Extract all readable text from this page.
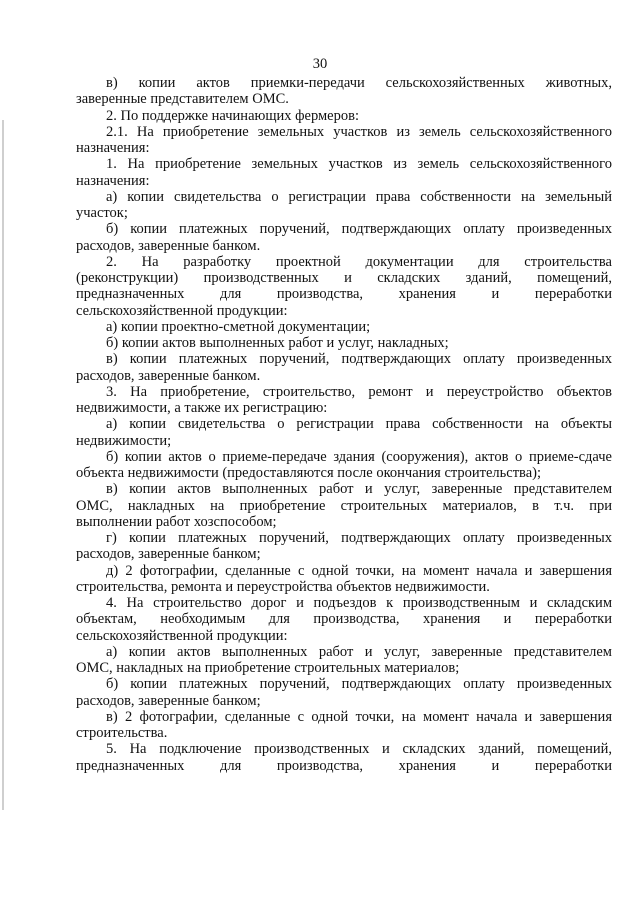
30

в) копии актов приемки-передачи сельскохозяйственных животных,
заверенные представителем ОМС.
2. По поддержке начинающих фермеров:
2.1. На приобретение земельных участков из земель сельскохозяйственного
назначения:
1. На приобретение земельных участков из земель сельскохозяйственного
назначения:
а) копии свидетельства о регистрации права собственности на земельный
участок;
б) копии платежных поручений, подтверждающих оплату произведенных
расходов, заверенные банком.
2. На разработку проектной документации для строительства
(реконструкции) производственных и складских зданий, помещений,
предназначенных для производства, хранения и переработки
сельскохозяйственной продукции:
а) копии проектно-сметной документации;
б) копии актов выполненных работ и услуг, накладных;
в) копии платежных поручений, подтверждающих оплату произведенных
расходов, заверенные банком.
3. На приобретение, строительство, ремонт и переустройство объектов
недвижимости, а также их регистрацию:
а) копии свидетельства о регистрации права собственности на объекты
недвижимости;
б) копии актов о приеме-передаче здания (сооружения), актов о приеме-сдаче
объекта недвижимости (предоставляются после окончания строительства);
в) копии актов выполненных работ и услуг, заверенные представителем
ОМС, накладных на приобретение строительных материалов, в т.ч. при
выполнении работ хозспособом;
г) копии платежных поручений, подтверждающих оплату произведенных
расходов, заверенные банком;
д) 2 фотографии, сделанные с одной точки, на момент начала и завершения
строительства, ремонта и переустройства объектов недвижимости.
4. На строительство дорог и подъездов к производственным и складским
объектам, необходимым для производства, хранения и переработки
сельскохозяйственной продукции:
а) копии актов выполненных работ и услуг, заверенные представителем
ОМС, накладных на приобретение строительных материалов;
б) копии платежных поручений, подтверждающих оплату произведенных
расходов, заверенные банком;
в) 2 фотографии, сделанные с одной точки, на момент начала и завершения
строительства.
5. На подключение производственных и складских зданий, помещений,
предназначенных для производства, хранения и переработки
